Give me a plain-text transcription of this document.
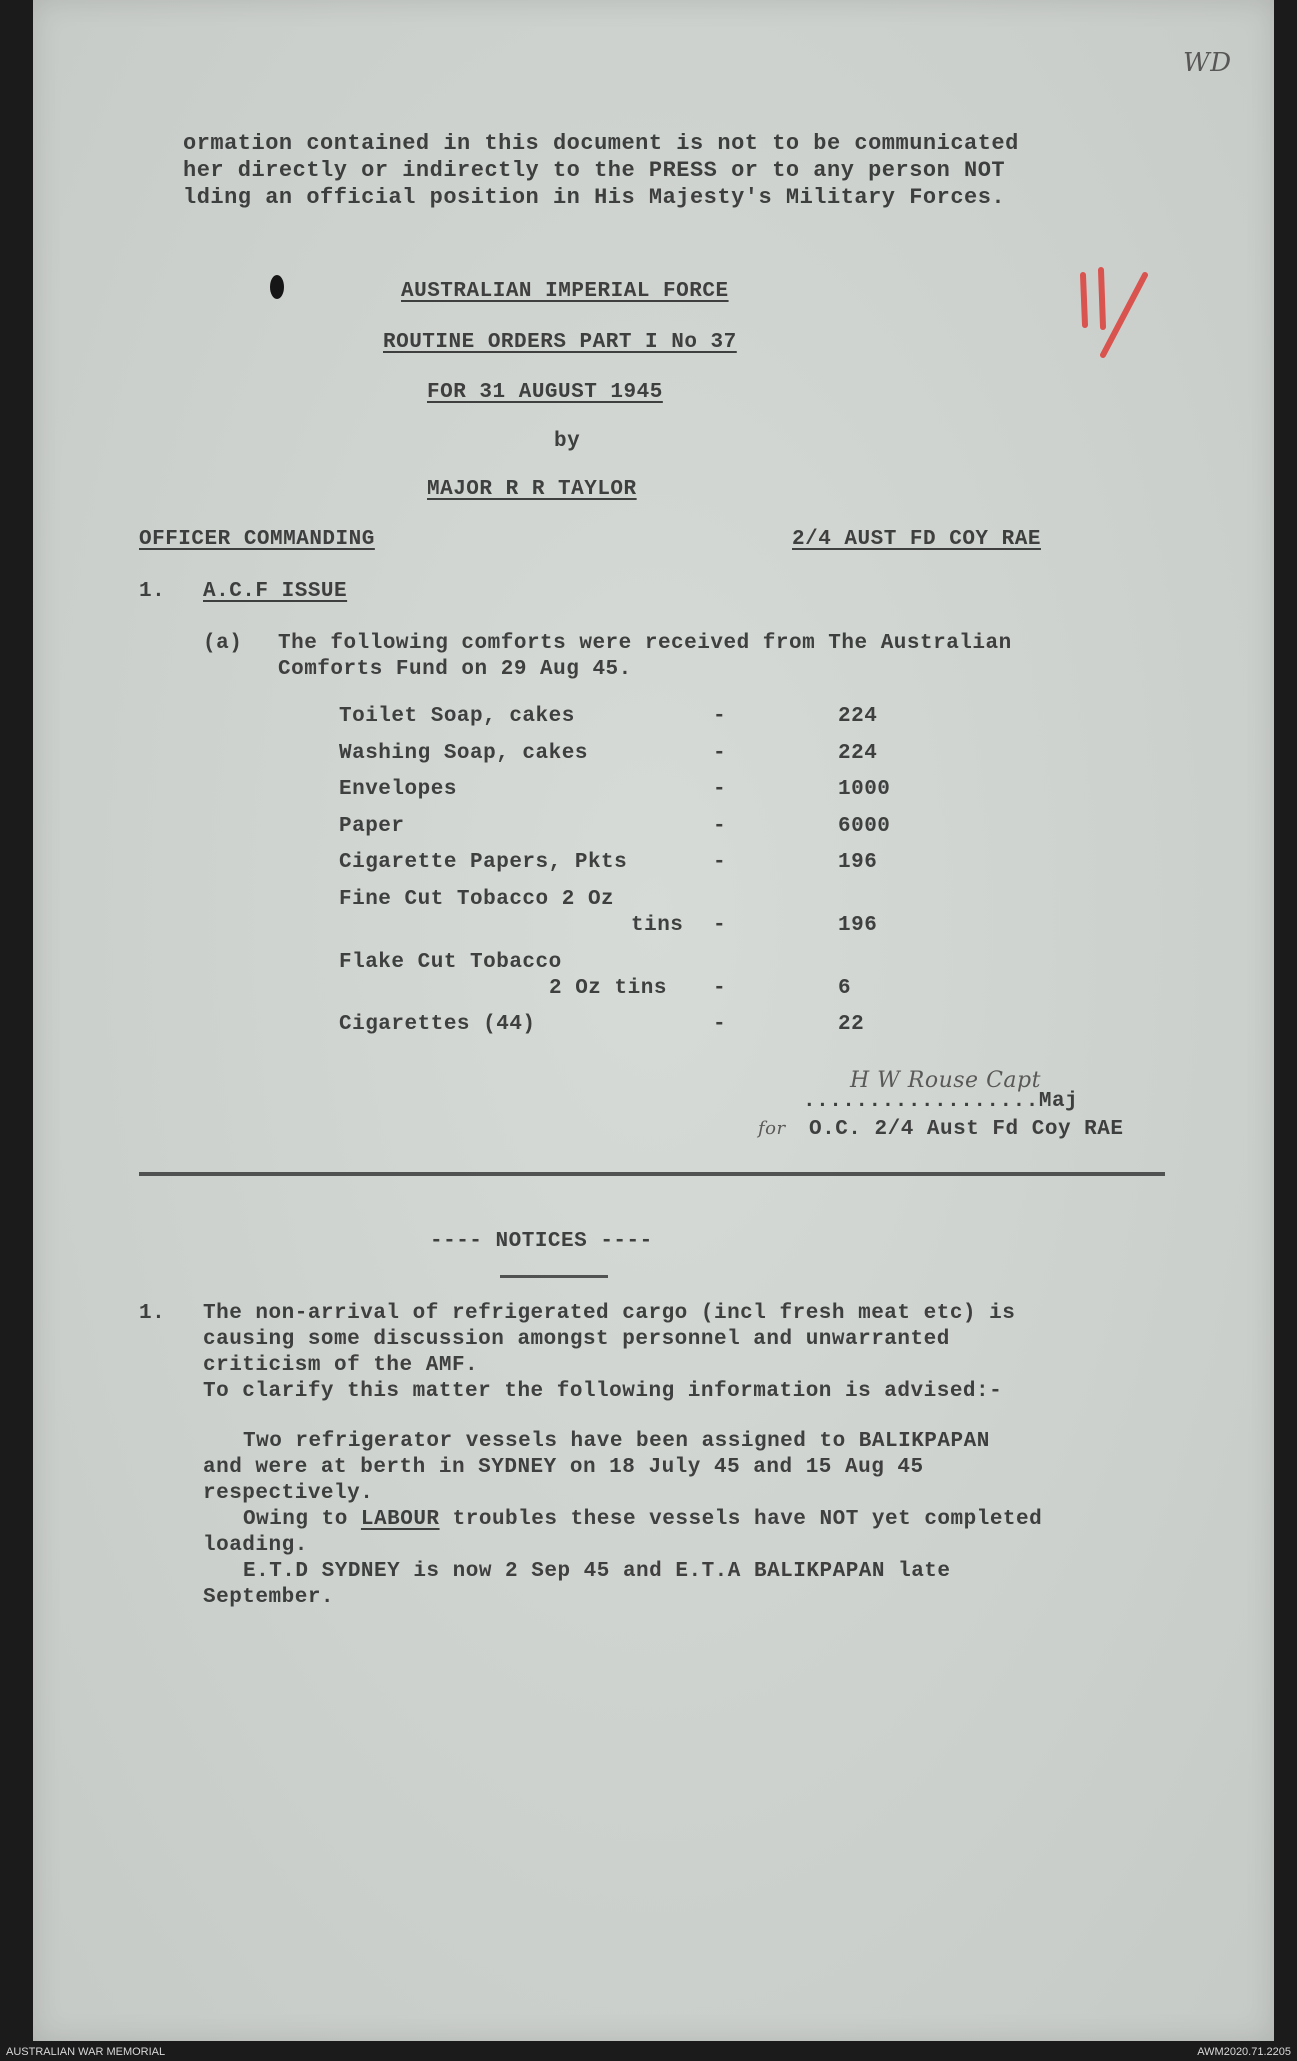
WD
ormation contained in this document is not to be communicated
her directly or indirectly to the PRESS or to any person NOT
lding an official position in His Majesty's Military Forces.
11
AUSTRALIAN IMPERIAL FORCE
ROUTINE ORDERS PART I No 37
FOR 31 AUGUST 1945
by
MAJOR R R TAYLOR
OFFICER COMMANDING	2/4 AUST FD COY RAE
1. A.C.F ISSUE
(a) The following comforts were received from The Australian
Comforts Fund on 29 Aug 45.
Toilet Soap, cakes	-	224
Washing Soap, cakes	-	224
Envelopes	-	1000
Paper	-	6000
Cigarette Papers, Pkts	-	196
Fine Cut Tobacco 2 Oz
tins -	196
Flake Cut Tobacco
2 Oz tins -	6
Cigarettes (44)	-	22
H W Rouse Capt
..................Maj
for O.C. 2/4 Aust Fd Coy RAE
---- NOTICES ----
1. The non-arrival of refrigerated cargo (incl fresh meat etc) is
causing some discussion amongst personnel and unwarranted
criticism of the AMF.
To clarify this matter the following information is advised:-
Two refrigerator vessels have been assigned to BALIKPAPAN
and were at berth in SYDNEY on 18 July 45 and 15 Aug 45
respectively.
Owing to LABOUR troubles these vessels have NOT yet completed
loading.
E.T.D SYDNEY is now 2 Sep 45 and E.T.A BALIKPAPAN late
September.
AUSTRALIAN WAR MEMORIAL	AWM2020.71.2205
